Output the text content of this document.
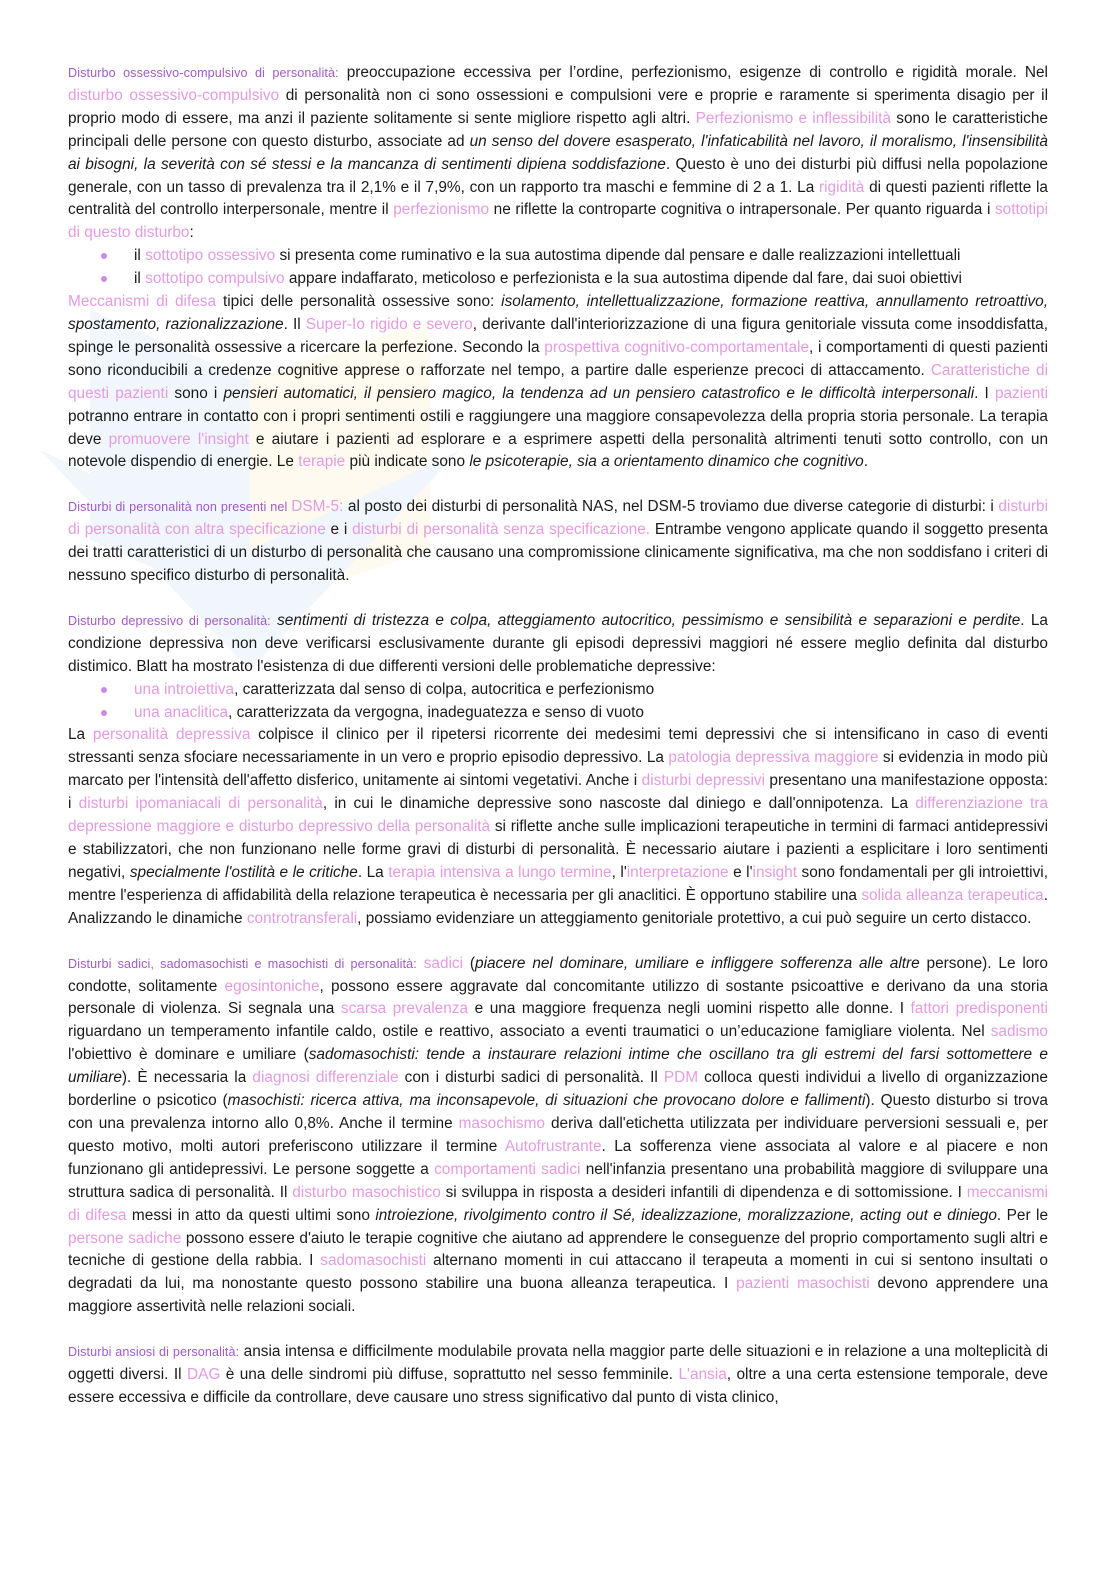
Disturbo ossessivo-compulsivo di personalità: preoccupazione eccessiva per l’ordine, perfezionismo, esigenze di controllo e rigidità morale. Nel disturbo ossessivo-compulsivo di personalità non ci sono ossessioni e compulsioni vere e proprie e raramente si sperimenta disagio per il proprio modo di essere, ma anzi il paziente solitamente si sente migliore rispetto agli altri. Perfezionismo e inflessibilità sono le caratteristiche principali delle persone con questo disturbo, associate ad un senso del dovere esasperato, l'infaticabilità nel lavoro, il moralismo, l'insensibilità ai bisogni, la severità con sé stessi e la mancanza di sentimenti dipiena soddisfazione. Questo è uno dei disturbi più diffusi nella popolazione generale, con un tasso di prevalenza tra il 2,1% e il 7,9%, con un rapporto tra maschi e femmine di 2 a 1. La rigidità di questi pazienti riflette la centralità del controllo interpersonale, mentre il perfezionismo ne riflette la controparte cognitiva o intrapersonale. Per quanto riguarda i sottotipi di questo disturbo:

il sottotipo ossessivo si presenta come ruminativo e la sua autostima dipende dal pensare e dalle realizzazioni intellettuali
il sottotipo compulsivo appare indaffarato, meticoloso e perfezionista e la sua autostima dipende dal fare, dai suoi obiettivi

Meccanismi di difesa tipici delle personalità ossessive sono: isolamento, intellettualizzazione, formazione reattiva, annullamento retroattivo, spostamento, razionalizzazione. Il Super-Io rigido e severo, derivante dall'interiorizzazione di una figura genitoriale vissuta come insoddisfatta, spinge le personalità ossessive a ricercare la perfezione. Secondo la prospettiva cognitivo-comportamentale, i comportamenti di questi pazienti sono riconducibili a credenze cognitive apprese o rafforzate nel tempo, a partire dalle esperienze precoci di attaccamento. Caratteristiche di questi pazienti sono i pensieri automatici, il pensiero magico, la tendenza ad un pensiero catastrofico e le difficoltà interpersonali. I pazienti potranno entrare in contatto con i propri sentimenti ostili e raggiungere una maggiore consapevolezza della propria storia personale. La terapia deve promuovere l'insight e aiutare i pazienti ad esplorare e a esprimere aspetti della personalità altrimenti tenuti sotto controllo, con un notevole dispendio di energie. Le terapie più indicate sono le psicoterapie, sia a orientamento dinamico che cognitivo.

Disturbi di personalità non presenti nel DSM-5: al posto dei disturbi di personalità NAS, nel DSM-5 troviamo due diverse categorie di disturbi: i disturbi di personalità con altra specificazione e i disturbi di personalità senza specificazione. Entrambe vengono applicate quando il soggetto presenta dei tratti caratteristici di un disturbo di personalità che causano una compromissione clinicamente significativa, ma che non soddisfano i criteri di nessuno specifico disturbo di personalità.

Disturbo depressivo di personalità: sentimenti di tristezza e colpa, atteggiamento autocritico, pessimismo e sensibilità e separazioni e perdite. La condizione depressiva non deve verificarsi esclusivamente durante gli episodi depressivi maggiori né essere meglio definita dal disturbo distimico. Blatt ha mostrato l'esistenza di due differenti versioni delle problematiche depressive:

una introiettiva, caratterizzata dal senso di colpa, autocritica e perfezionismo
una anaclitica, caratterizzata da vergogna, inadeguatezza e senso di vuoto

La personalità depressiva colpisce il clinico per il ripetersi ricorrente dei medesimi temi depressivi che si intensificano in caso di eventi stressanti senza sfociare necessariamente in un vero e proprio episodio depressivo. La patologia depressiva maggiore si evidenzia in modo più marcato per l'intensità dell'affetto disferico, unitamente ai sintomi vegetativi. Anche i disturbi depressivi presentano una manifestazione opposta: i disturbi ipomaniacali di personalità, in cui le dinamiche depressive sono nascoste dal diniego e dall'onnipotenza. La differenziazione tra depressione maggiore e disturbo depressivo della personalità si riflette anche sulle implicazioni terapeutiche in termini di farmaci antidepressivi e stabilizzatori, che non funzionano nelle forme gravi di disturbi di personalità. È necessario aiutare i pazienti a esplicitare i loro sentimenti negativi, specialmente l'ostilità e le critiche. La terapia intensiva a lungo termine, l'interpretazione e l'insight sono fondamentali per gli introiettivi, mentre l'esperienza di affidabilità della relazione terapeutica è necessaria per gli anaclitici. È opportuno stabilire una solida alleanza terapeutica. Analizzando le dinamiche controtransferali, possiamo evidenziare un atteggiamento genitoriale protettivo, a cui può seguire un certo distacco.

Disturbi sadici, sadomasochisti e masochisti di personalità: sadici (piacere nel dominare, umiliare e infliggere sofferenza alle altre persone). Le loro condotte, solitamente egosintoniche, possono essere aggravate dal concomitante utilizzo di sostante psicoattive e derivano da una storia personale di violenza. Si segnala una scarsa prevalenza e una maggiore frequenza negli uomini rispetto alle donne. I fattori predisponenti riguardano un temperamento infantile caldo, ostile e reattivo, associato a eventi traumatici o un’educazione famigliare violenta. Nel sadismo l'obiettivo è dominare e umiliare (sadomasochisti: tende a instaurare relazioni intime che oscillano tra gli estremi del farsi sottomettere e umiliare). È necessaria la diagnosi differenziale con i disturbi sadici di personalità. Il PDM colloca questi individui a livello di organizzazione borderline o psicotico (masochisti: ricerca attiva, ma inconsapevole, di situazioni che provocano dolore e fallimenti). Questo disturbo si trova con una prevalenza intorno allo 0,8%. Anche il termine masochismo deriva dall'etichetta utilizzata per individuare perversioni sessuali e, per questo motivo, molti autori preferiscono utilizzare il termine Autofrustrante. La sofferenza viene associata al valore e al piacere e non funzionano gli antidepressivi. Le persone soggette a comportamenti sadici nell'infanzia presentano una probabilità maggiore di sviluppare una struttura sadica di personalità. Il disturbo masochistico si sviluppa in risposta a desideri infantili di dipendenza e di sottomissione. I meccanismi di difesa messi in atto da questi ultimi sono introiezione, rivolgimento contro il Sé, idealizzazione, moralizzazione, acting out e diniego. Per le persone sadiche possono essere d'aiuto le terapie cognitive che aiutano ad apprendere le conseguenze del proprio comportamento sugli altri e tecniche di gestione della rabbia. I sadomasochisti alternano momenti in cui attaccano il terapeuta a momenti in cui si sentono insultati o degradati da lui, ma nonostante questo possono stabilire una buona alleanza terapeutica. I pazienti masochisti devono apprendere una maggiore assertività nelle relazioni sociali.

Disturbi ansiosi di personalità: ansia intensa e difficilmente modulabile provata nella maggior parte delle situazioni e in relazione a una molteplicità di oggetti diversi. Il DAG è una delle sindromi più diffuse, soprattutto nel sesso femminile. L'ansia, oltre a una certa estensione temporale, deve essere eccessiva e difficile da controllare, deve causare uno stress significativo dal punto di vista clinico,
